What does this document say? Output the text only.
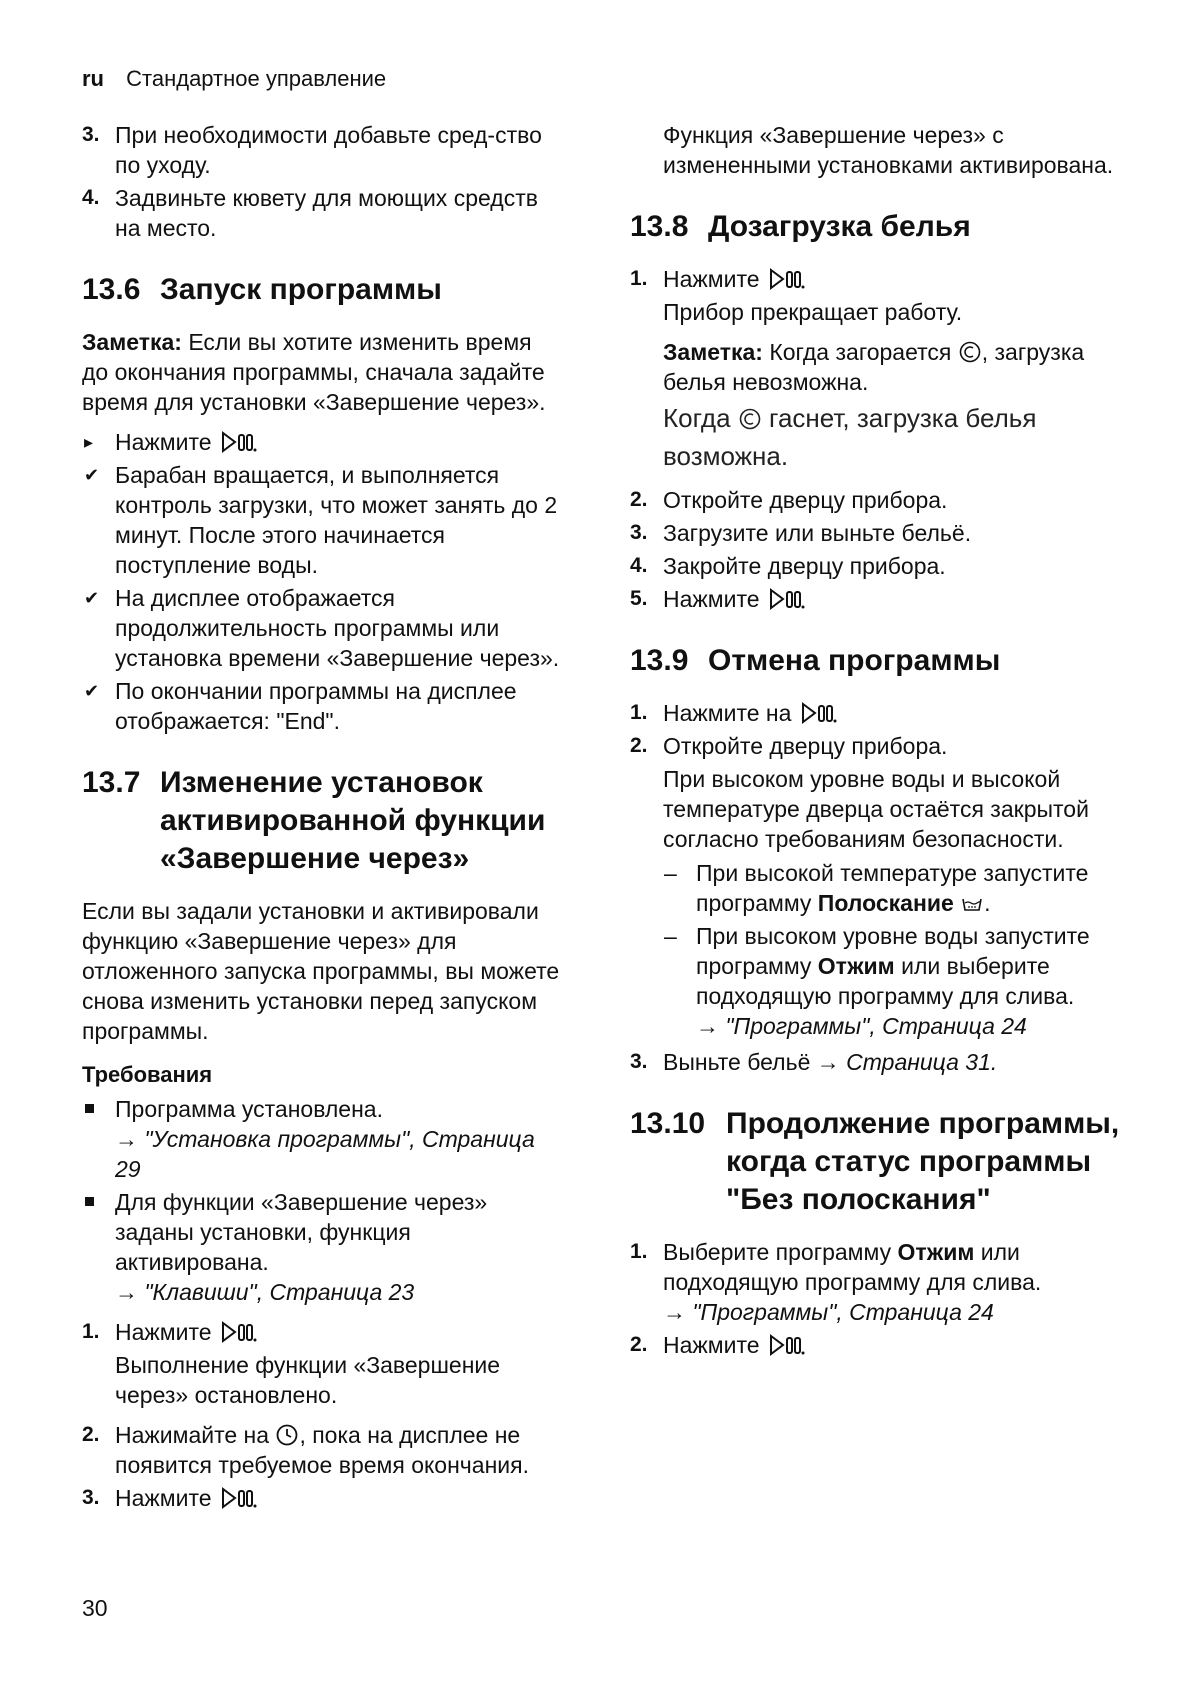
ru Стандартное управление
3. При необходимости добавьте сред-ство по уходу.
4. Задвиньте кювету для моющих средств на место.
13.6 Запуск программы

Заметка: Если вы хотите изменить время до окончания программы, сначала задайте время для установки «Завершение через».

▸ Нажмите
✔ Барабан вращается, и выполняется контроль загрузки, что может занять до 2 минут. После этого начинается поступление воды.
✔ На дисплее отображается продолжительность программы или установка времени «Завершение через».
✔ По окончании программы на дисплее отображается: "End".
13.7 Изменение установок активированной функции «Завершение через»

Если вы задали установки и активировали функцию «Завершение через» для отложенного запуска программы, вы можете снова изменить установки перед запуском программы.

Требования
Программа установлена.
→ "Установка программы", Страница 29
Для функции «Завершение через» заданы установки, функция активирована.
→ "Клавиши", Страница 23
1. Нажмите

Выполнение функции «Завершение через» остановлено.

2. Нажимайте на , пока на дисплее не появится требуемое время окончания.
3. Нажмите

Функция «Завершение через» с измененными установками активирована.

13.8 Дозагрузка белья
1. Нажмите

Прибор прекращает работу.

Заметка: Когда загорается , загрузка белья невозможна.

Когда гаснет, загрузка белья возможна.

2. Откройте дверцу прибора.
3. Загрузите или выньте бельё.
4. Закройте дверцу прибора.
5. Нажмите
13.9 Отмена программы
1. Нажмите на
2. Откройте дверцу прибора.

При высоком уровне воды и высокой температуре дверца остаётся закрытой согласно требованиям безопасности.

– При высокой температуре запустите программу Полоскание .
– При высоком уровне воды запустите программу Отжим или выберите подходящую программу для слива.
→ "Программы", Страница 24
3. Выньте бельё → Страница 31.
13.10 Продолжение программы, когда статус программы "Без полоскания"
1. Выберите программу Отжим или подходящую программу для слива.
→ "Программы", Страница 24
2. Нажмите
30
